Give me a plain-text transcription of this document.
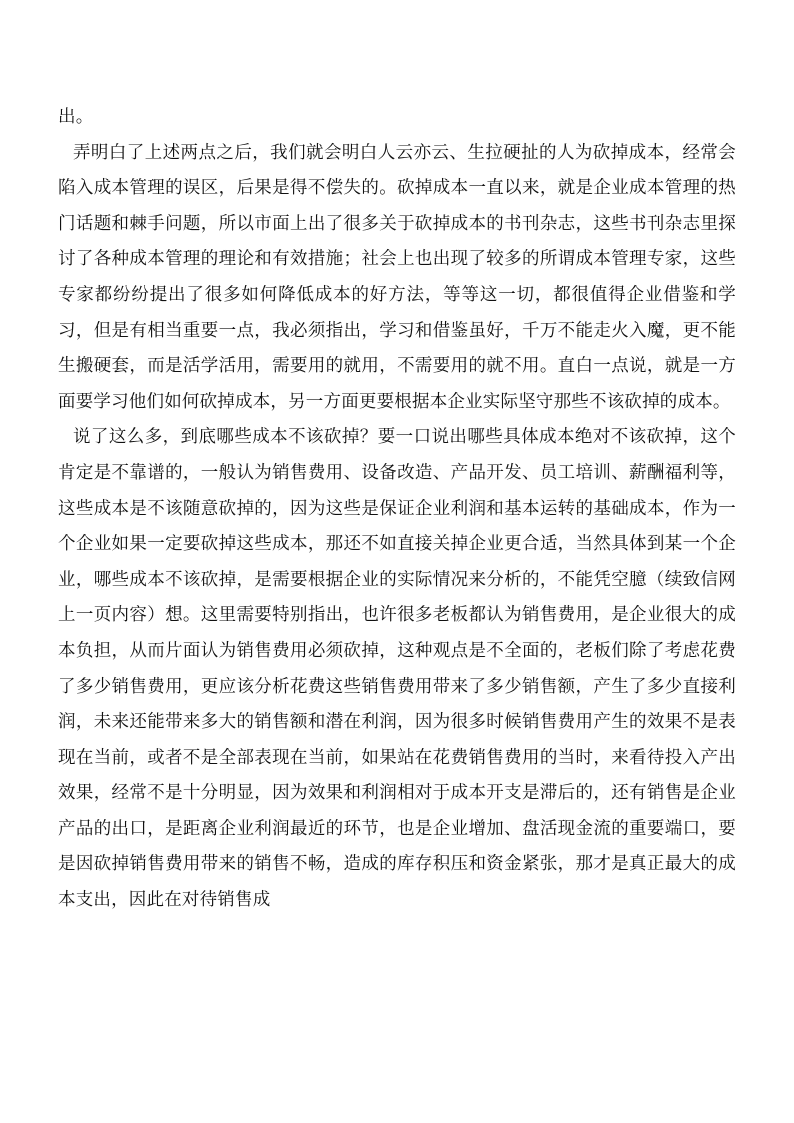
出。

弄明白了上述两点之后，我们就会明白人云亦云、生拉硬扯的人为砍掉成本，经常会陷入成本管理的误区，后果是得不偿失的。砍掉成本一直以来，就是企业成本管理的热门话题和棘手问题，所以市面上出了很多关于砍掉成本的书刊杂志，这些书刊杂志里探讨了各种成本管理的理论和有效措施；社会上也出现了较多的所谓成本管理专家，这些专家都纷纷提出了很多如何降低成本的好方法，等等这一切，都很值得企业借鉴和学习，但是有相当重要一点，我必须指出，学习和借鉴虽好，千万不能走火入魔，更不能生搬硬套，而是活学活用，需要用的就用，不需要用的就不用。直白一点说，就是一方面要学习他们如何砍掉成本，另一方面更要根据本企业实际坚守那些不该砍掉的成本。

说了这么多，到底哪些成本不该砍掉？要一口说出哪些具体成本绝对不该砍掉，这个肯定是不靠谱的，一般认为销售费用、设备改造、产品开发、员工培训、薪酬福利等，这些成本是不该随意砍掉的，因为这些是保证企业利润和基本运转的基础成本，作为一个企业如果一定要砍掉这些成本，那还不如直接关掉企业更合适，当然具体到某一个企业，哪些成本不该砍掉，是需要根据企业的实际情况来分析的，不能凭空臆（续致信网上一页内容）想。这里需要特别指出，也许很多老板都认为销售费用，是企业很大的成本负担，从而片面认为销售费用必须砍掉，这种观点是不全面的，老板们除了考虑花费了多少销售费用，更应该分析花费这些销售费用带来了多少销售额，产生了多少直接利润，未来还能带来多大的销售额和潜在利润，因为很多时候销售费用产生的效果不是表现在当前，或者不是全部表现在当前，如果站在花费销售费用的当时，来看待投入产出效果，经常不是十分明显，因为效果和利润相对于成本开支是滞后的，还有销售是企业产品的出口，是距离企业利润最近的环节，也是企业增加、盘活现金流的重要端口，要是因砍掉销售费用带来的销售不畅，造成的库存积压和资金紧张，那才是真正最大的成本支出，因此在对待销售成
